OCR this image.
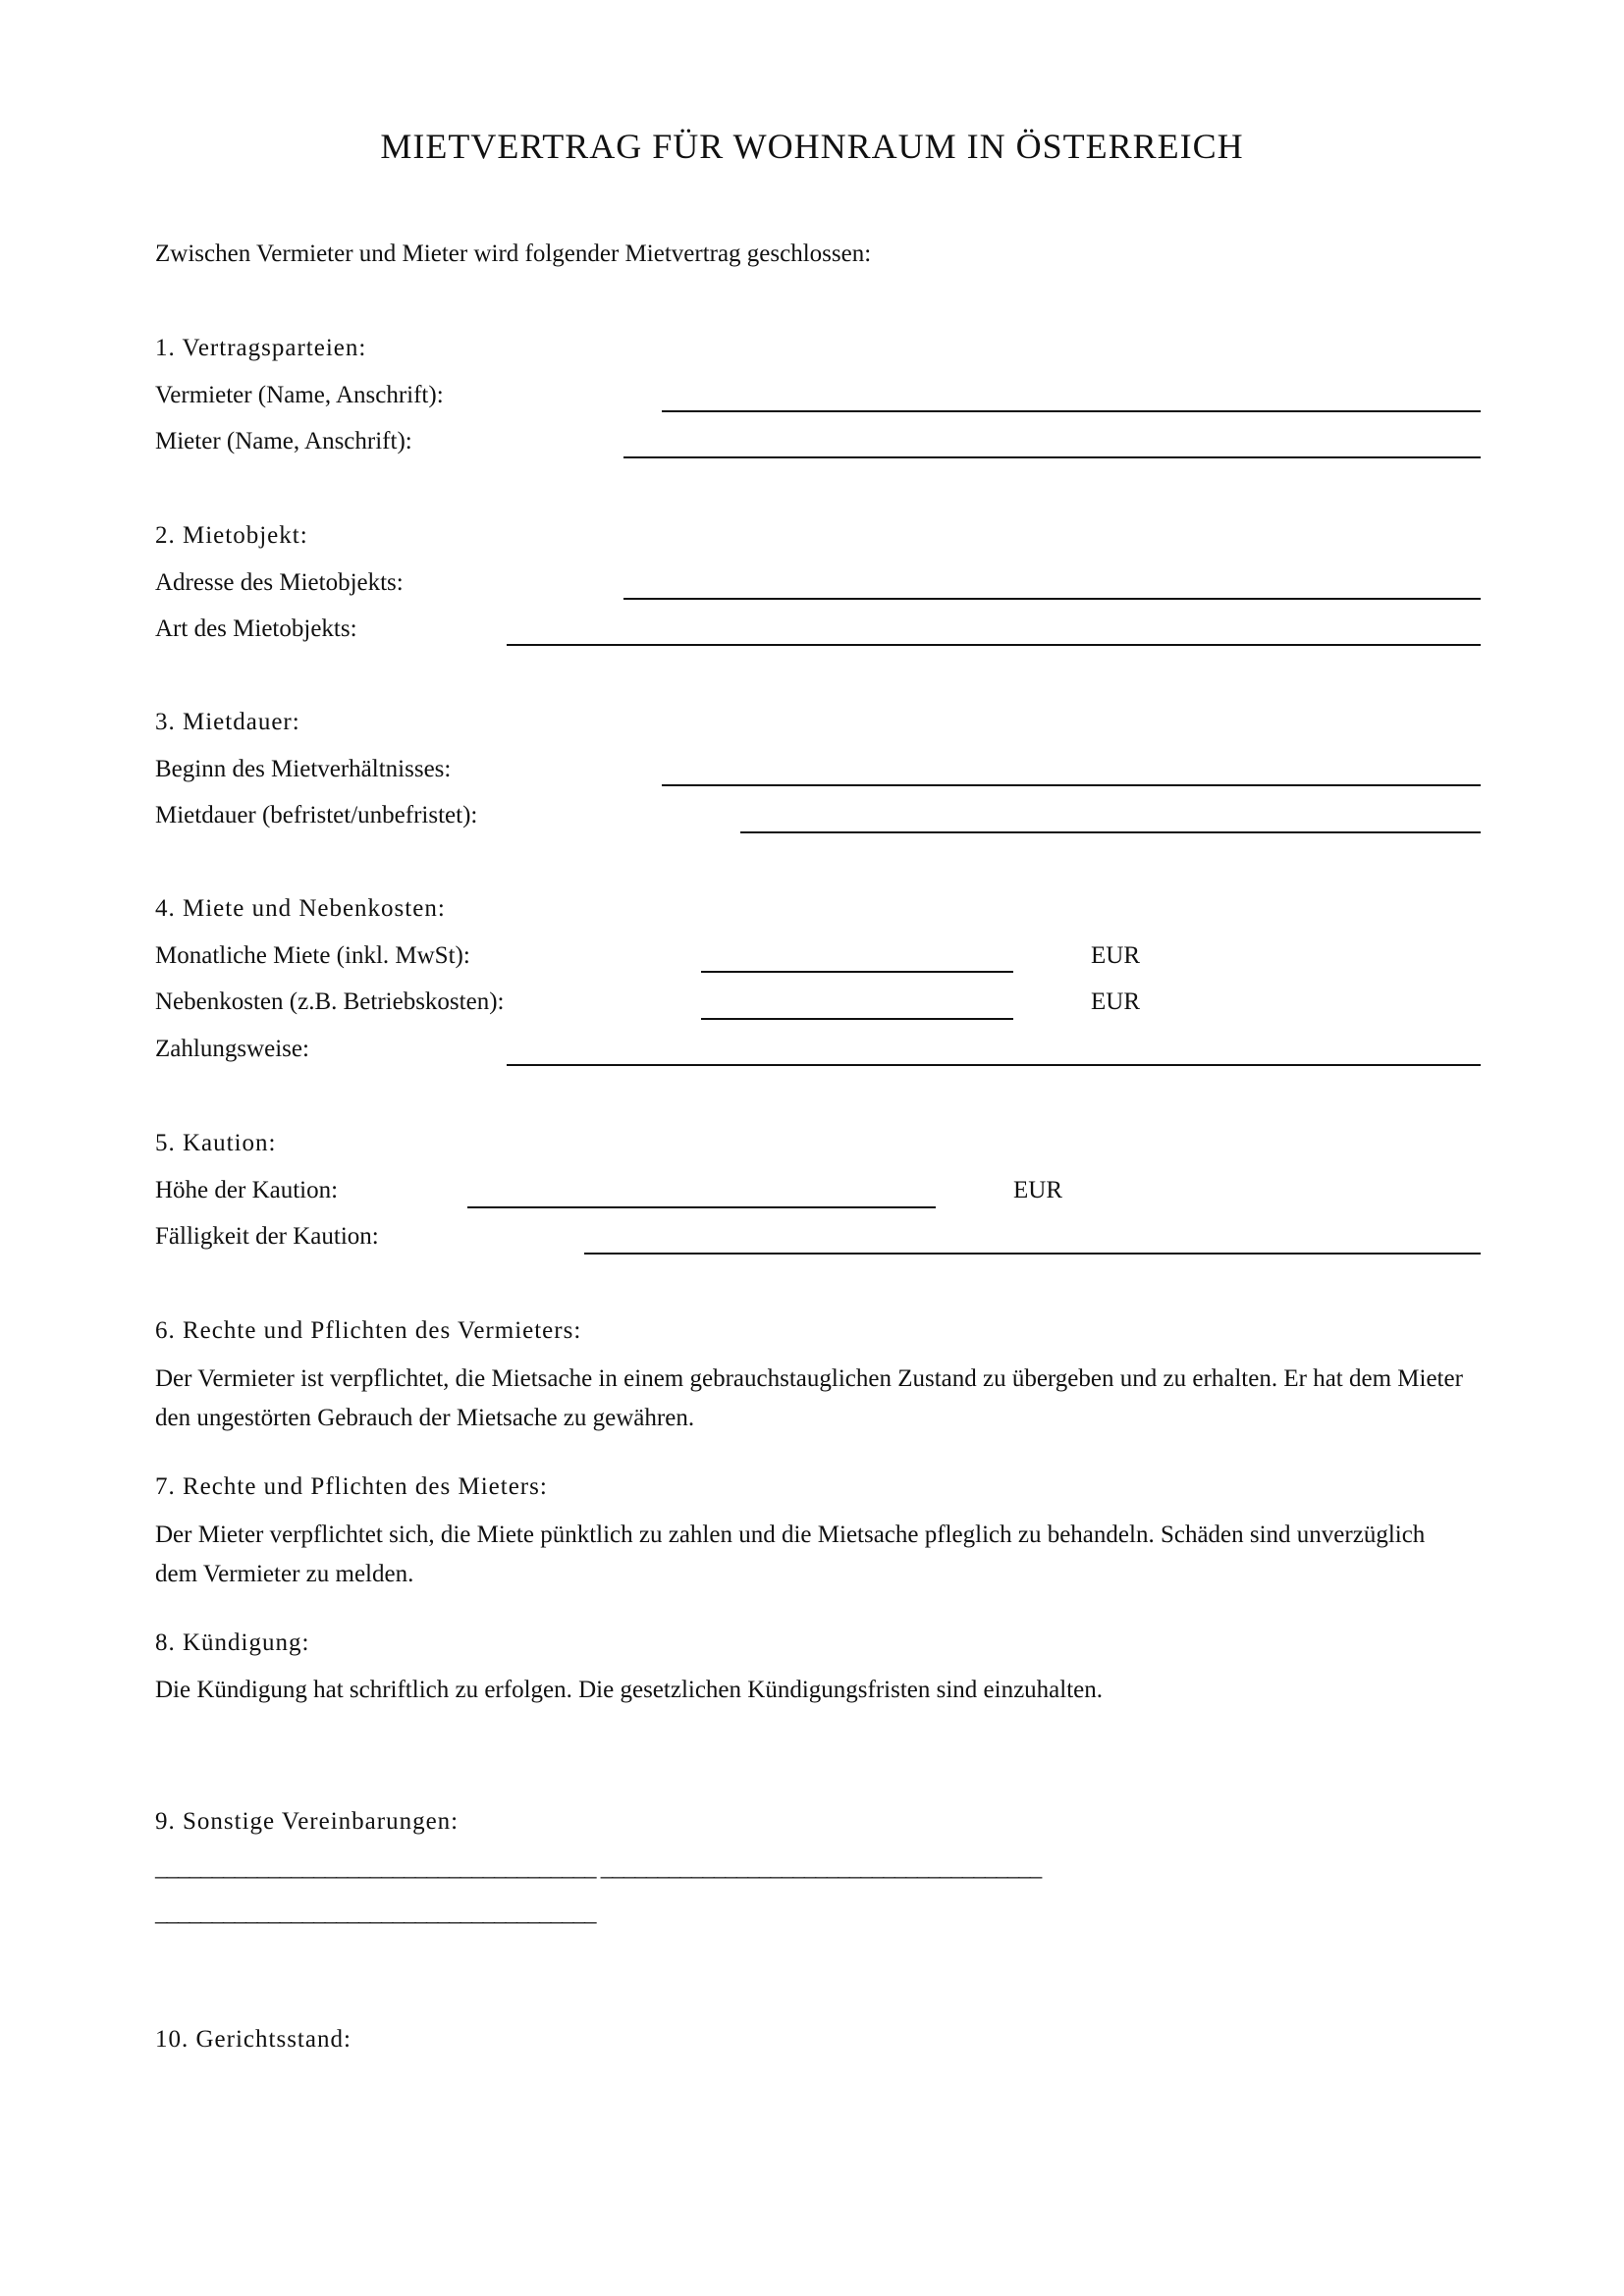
MIETVERTRAG FÜR WOHNRAUM IN ÖSTERREICH
Zwischen Vermieter und Mieter wird folgender Mietvertrag geschlossen:
1. Vertragsparteien:
Vermieter (Name, Anschrift):
Mieter (Name, Anschrift):
2. Mietobjekt:
Adresse des Mietobjekts:
Art des Mietobjekts:
3. Mietdauer:
Beginn des Mietverhältnisses:
Mietdauer (befristet/unbefristet):
4. Miete und Nebenkosten:
Monatliche Miete (inkl. MwSt):	EUR
Nebenkosten (z.B. Betriebskosten):	EUR
Zahlungsweise:
5. Kaution:
Höhe der Kaution:	EUR
Fälligkeit der Kaution:
6. Rechte und Pflichten des Vermieters:
Der Vermieter ist verpflichtet, die Mietsache in einem gebrauchstauglichen Zustand zu übergeben und zu erhalten. Er hat dem Mieter den ungestörten Gebrauch der Mietsache zu gewähren.
7. Rechte und Pflichten des Mieters:
Der Mieter verpflichtet sich, die Miete pünktlich zu zahlen und die Mietsache pfleglich zu behandeln. Schäden sind unverzüglich dem Vermieter zu melden.
8. Kündigung:
Die Kündigung hat schriftlich zu erfolgen. Die gesetzlichen Kündigungsfristen sind einzuhalten.
9. Sonstige Vereinbarungen:
_______________________________________ _______________________________________
_______________________________________
10. Gerichtsstand:
